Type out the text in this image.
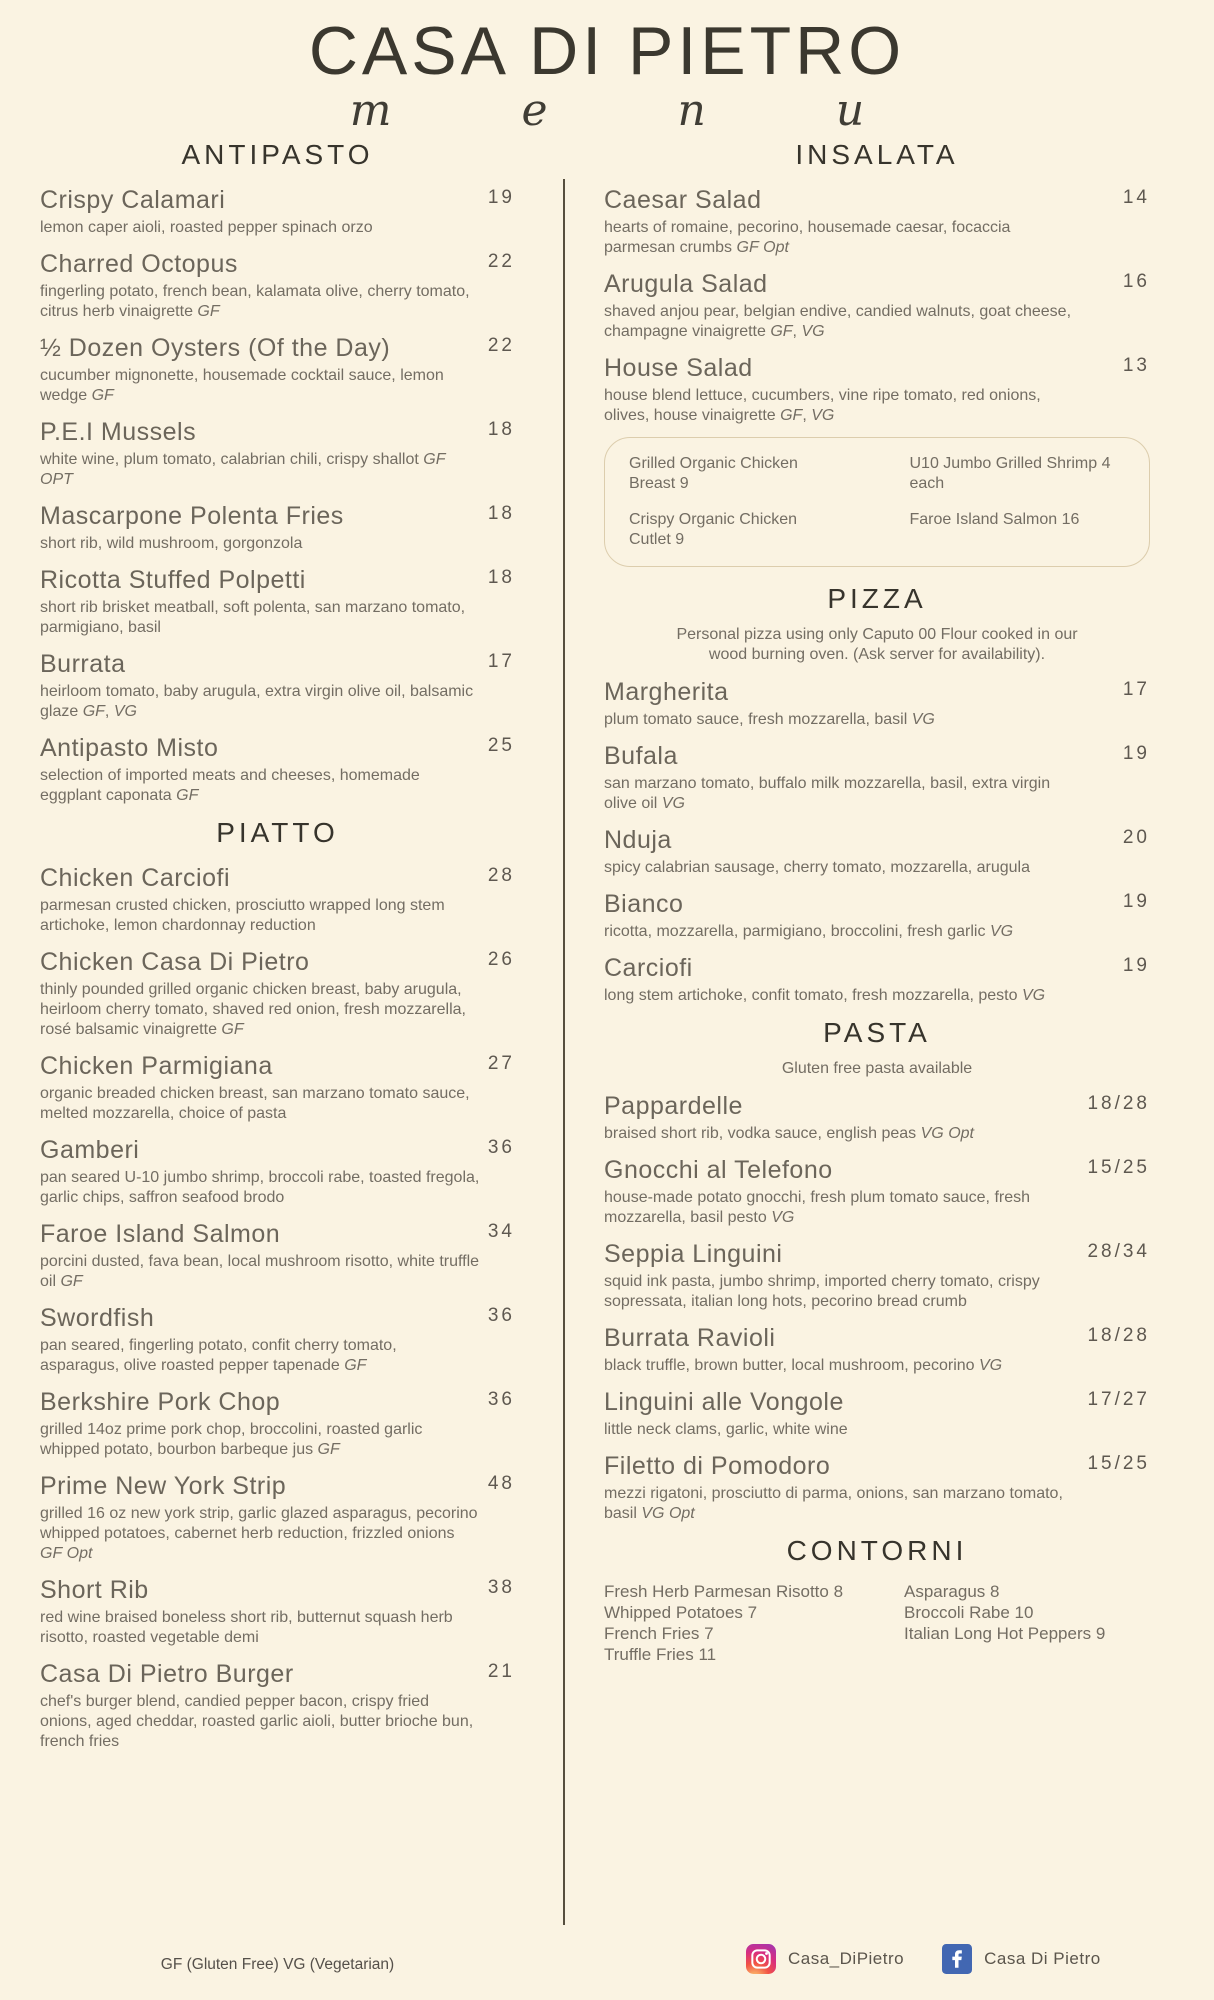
CASA DI PIETRO
m e n u
ANTIPASTO
Crispy Calamari	19
lemon caper aioli, roasted pepper spinach orzo
Charred Octopus	22
fingerling potato, french bean, kalamata olive, cherry tomato, citrus herb vinaigrette GF
½ Dozen Oysters (Of the Day)	22
cucumber mignonette, housemade cocktail sauce, lemon wedge GF
P.E.I Mussels	18
white wine, plum tomato, calabrian chili, crispy shallot GF OPT
Mascarpone Polenta Fries	18
short rib, wild mushroom, gorgonzola
Ricotta Stuffed Polpetti	18
short rib brisket meatball, soft polenta, san marzano tomato, parmigiano, basil
Burrata	17
heirloom tomato, baby arugula, extra virgin olive oil, balsamic glaze GF, VG
Antipasto Misto	25
selection of imported meats and cheeses, homemade eggplant caponata GF
PIATTO
Chicken Carciofi	28
parmesan crusted chicken, prosciutto wrapped long stem artichoke, lemon chardonnay reduction
Chicken Casa Di Pietro	26
thinly pounded grilled organic chicken breast, baby arugula, heirloom cherry tomato, shaved red onion, fresh mozzarella, rosé balsamic vinaigrette GF
Chicken Parmigiana	27
organic breaded chicken breast, san marzano tomato sauce, melted mozzarella, choice of pasta
Gamberi	36
pan seared U-10 jumbo shrimp, broccoli rabe, toasted fregola, garlic chips, saffron seafood brodo
Faroe Island Salmon	34
porcini dusted, fava bean, local mushroom risotto, white truffle oil GF
Swordfish	36
pan seared, fingerling potato, confit cherry tomato, asparagus, olive roasted pepper tapenade GF
Berkshire Pork Chop	36
grilled 14oz prime pork chop, broccolini, roasted garlic whipped potato, bourbon barbeque jus GF
Prime New York Strip	48
grilled 16 oz new york strip, garlic glazed asparagus, pecorino whipped potatoes, cabernet herb reduction, frizzled onions GF Opt
Short Rib	38
red wine braised boneless short rib, butternut squash herb risotto, roasted vegetable demi
Casa Di Pietro Burger	21
chef's burger blend, candied pepper bacon, crispy fried onions, aged cheddar, roasted garlic aioli, butter brioche bun, french fries
INSALATA
Caesar Salad	14
hearts of romaine, pecorino, housemade caesar, focaccia parmesan crumbs GF Opt
Arugula Salad	16
shaved anjou pear, belgian endive, candied walnuts, goat cheese, champagne vinaigrette GF, VG
House Salad	13
house blend lettuce, cucumbers, vine ripe tomato, red onions, olives, house vinaigrette GF, VG
Grilled Organic Chicken Breast 9
U10 Jumbo Grilled Shrimp 4 each
Crispy Organic Chicken Cutlet 9
Faroe Island Salmon 16
PIZZA
Personal pizza using only Caputo 00 Flour cooked in our wood burning oven. (Ask server for availability).
Margherita	17
plum tomato sauce, fresh mozzarella, basil VG
Bufala	19
san marzano tomato, buffalo milk mozzarella, basil, extra virgin olive oil VG
Nduja	20
spicy calabrian sausage, cherry tomato, mozzarella, arugula
Bianco	19
ricotta, mozzarella, parmigiano, broccolini, fresh garlic VG
Carciofi	19
long stem artichoke, confit tomato, fresh mozzarella, pesto VG
PASTA
Gluten free pasta available
Pappardelle	18/28
braised short rib, vodka sauce, english peas VG Opt
Gnocchi al Telefono	15/25
house-made potato gnocchi, fresh plum tomato sauce, fresh mozzarella, basil pesto VG
Seppia Linguini	28/34
squid ink pasta, jumbo shrimp, imported cherry tomato, crispy sopressata, italian long hots, pecorino bread crumb
Burrata Ravioli	18/28
black truffle, brown butter, local mushroom, pecorino VG
Linguini alle Vongole	17/27
little neck clams, garlic, white wine
Filetto di Pomodoro	15/25
mezzi rigatoni, prosciutto di parma, onions, san marzano tomato, basil VG Opt
CONTORNI
Fresh Herb Parmesan Risotto 8
Whipped Potatoes 7
French Fries 7
Truffle Fries 11
Asparagus 8
Broccoli Rabe 10
Italian Long Hot Peppers 9
GF (Gluten Free) VG (Vegetarian)	Casa_DiPietro	Casa Di Pietro
